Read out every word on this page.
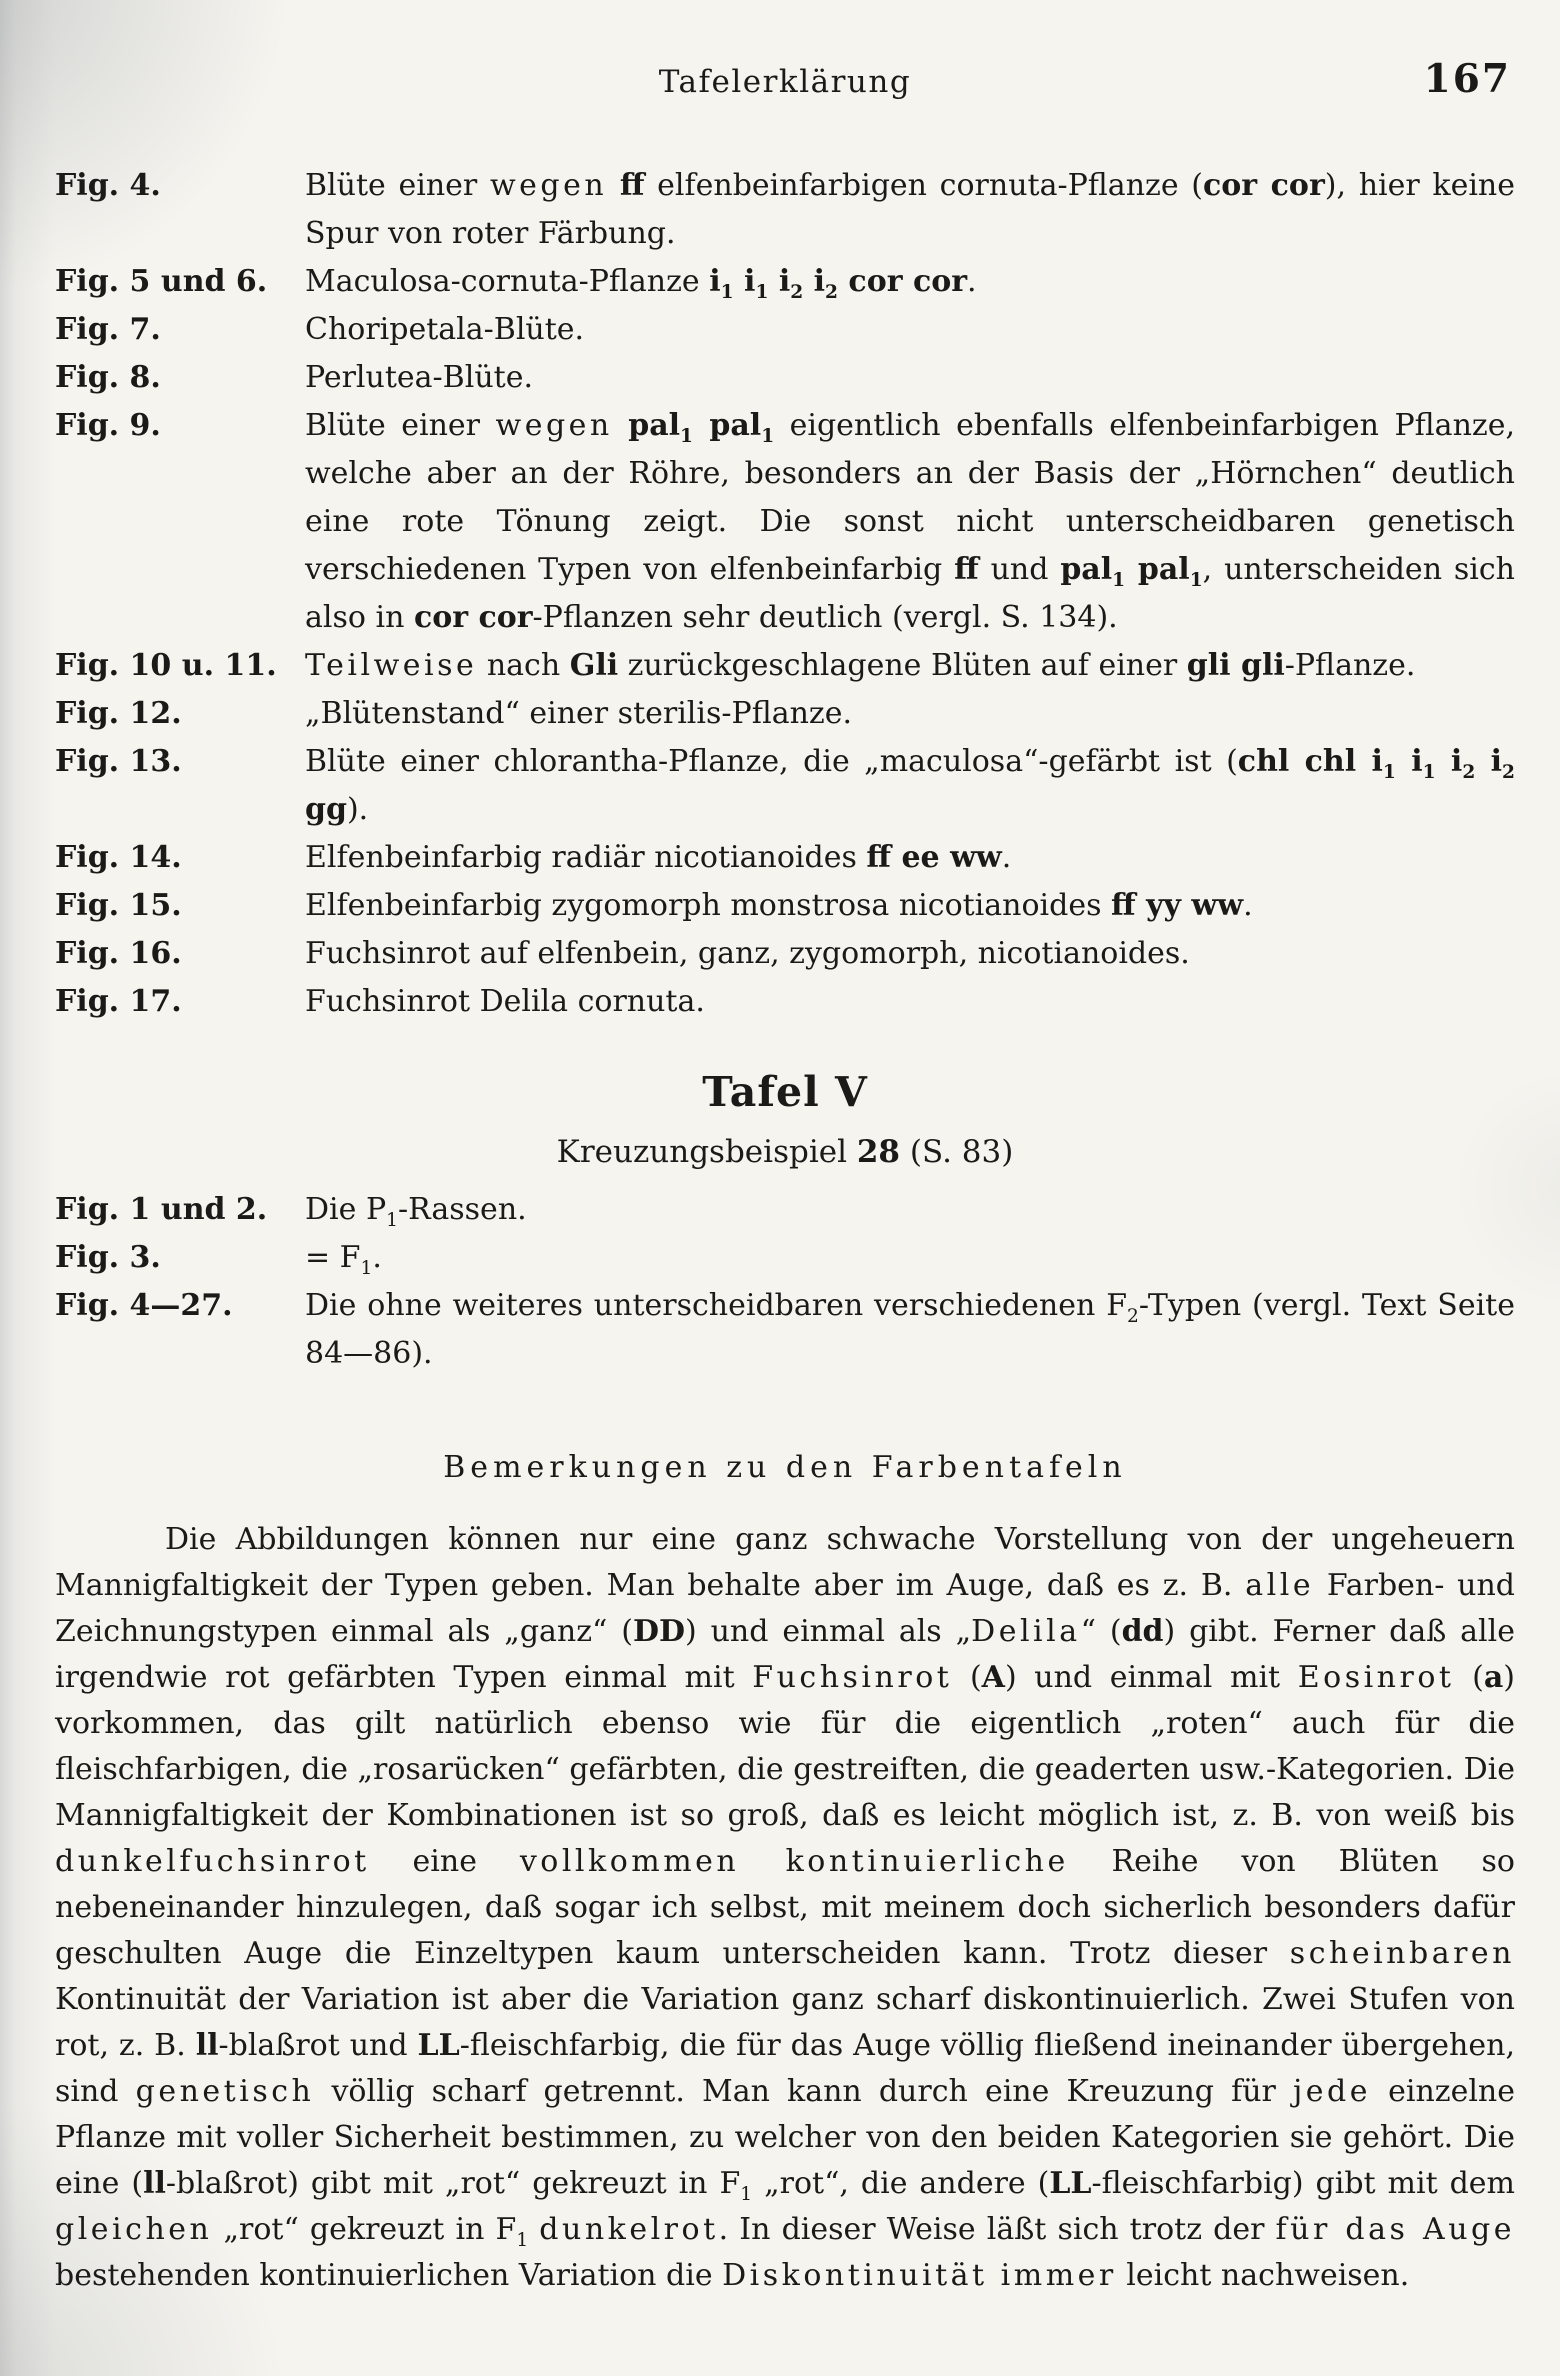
Tafelerklärung	167
Fig. 4.	Blüte einer wegen ff elfenbeinfarbigen cornuta-Pflanze (cor cor), hier keine Spur von roter Färbung.
Fig. 5 und 6.	Maculosa-cornuta-Pflanze $i_1$ $i_1$ $i_2$ $i_2$ cor cor.
Fig. 7.	Choripetala-Blüte.
Fig. 8.	Perlutea-Blüte.
Fig. 9.	Blüte einer wegen pal$_1$ pal$_1$ eigentlich ebenfalls elfenbeinfarbigen Pflanze, welche aber an der Röhre, besonders an der Basis der „Hörnchen“ deutlich eine rote Tönung zeigt. Die sonst nicht unterscheidbaren genetisch verschiedenen Typen von elfenbeinfarbig ff und pal$_1$ pal$_1$, unterscheiden sich also in cor cor-Pflanzen sehr deutlich (vergl. S. 134).
Fig. 10 u. 11. Teilweise nach Gli zurückgeschlagene Blüten auf einer gli gli-Pflanze.
Fig. 12.	„Blütenstand“ einer sterilis-Pflanze.
Fig. 13.	Blüte einer chlorantha-Pflanze, die „maculosa“-gefärbt ist (chl chl $i_1$ $i_1$ $i_2$ $i_2$ gg).
Fig. 14.	Elfenbeinfarbig radiär nicotianoides ff ee ww.
Fig. 15.	Elfenbeinfarbig zygomorph monstrosa nicotianoides ff yy ww.
Fig. 16.	Fuchsinrot auf elfenbein, ganz, zygomorph, nicotianoides.
Fig. 17.	Fuchsinrot Delila cornuta.
Tafel V

Kreuzungsbeispiel 28 (S. 83)

Fig. 1 und 2.	Die $P_1$-Rassen.
Fig. 3.	= $F_1$.
Fig. 4—27.	Die ohne weiteres unterscheidbaren verschiedenen $F_2$-Typen (vergl. Text Seite 84—86).
Bemerkungen zu den Farbentafeln

Die Abbildungen können nur eine ganz schwache Vorstellung von der ungeheuern Mannigfaltigkeit der Typen geben. Man behalte aber im Auge, daß es z. B. alle Farben- und Zeichnungstypen einmal als „ganz“ (DD) und einmal als „Delila“ (dd) gibt. Ferner daß alle irgendwie rot gefärbten Typen einmal mit Fuchsinrot (A) und einmal mit Eosinrot (a) vorkommen, das gilt natürlich ebenso wie für die eigentlich „roten“ auch für die fleischfarbigen, die „rosarücken“ gefärbten, die gestreiften, die geaderten usw.-Kategorien. Die Mannigfaltigkeit der Kombinationen ist so groß, daß es leicht möglich ist, z. B. von weiß bis dunkelfuchsinrot eine vollkommen kontinuierliche Reihe von Blüten so nebeneinander hinzulegen, daß sogar ich selbst, mit meinem doch sicherlich besonders dafür geschulten Auge die Einzeltypen kaum unterscheiden kann. Trotz dieser scheinbaren Kontinuität der Variation ist aber die Variation ganz scharf diskontinuierlich. Zwei Stufen von rot, z. B. ll-blaßrot und LL-fleischfarbig, die für das Auge völlig fließend ineinander übergehen, sind genetisch völlig scharf getrennt. Man kann durch eine Kreuzung für jede einzelne Pflanze mit voller Sicherheit bestimmen, zu welcher von den beiden Kategorien sie gehört. Die eine (ll-blaßrot) gibt mit „rot“ gekreuzt in $F_1$ „rot“, die andere (LL-fleischfarbig) gibt mit dem gleichen „rot“ gekreuzt in $F_1$ dunkelrot. In dieser Weise läßt sich trotz der für das Auge bestehenden kontinuierlichen Variation die Diskontinuität immer leicht nachweisen.
